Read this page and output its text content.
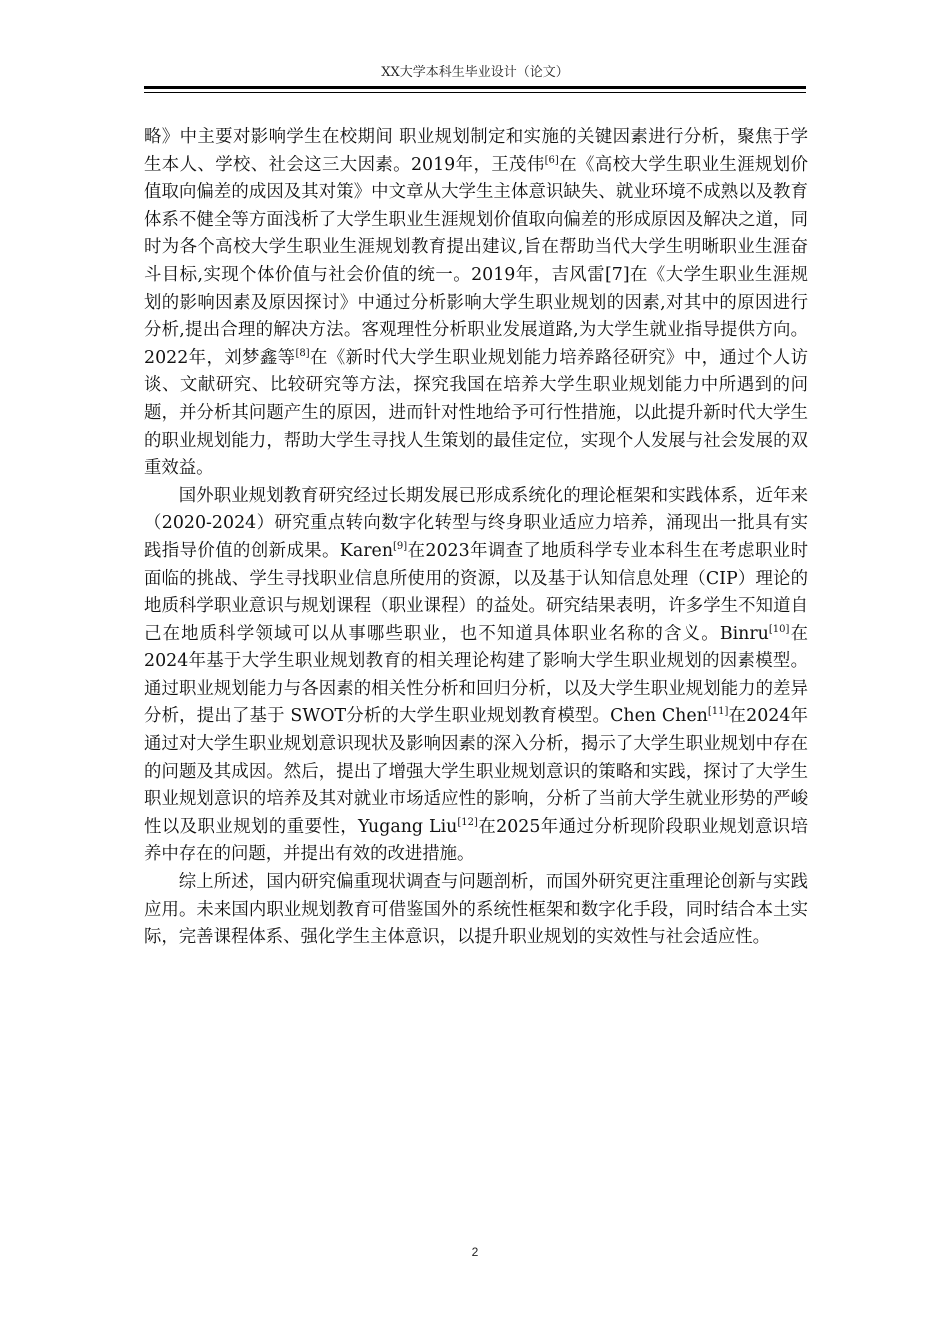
XX大学本科生毕业设计（论文）

略》中主要对影响学生在校期间 职业规划制定和实施的关键因素进行分析，聚焦于学生本人、学校、社会这三大因素。2019年，王茂伟[6]在《高校大学生职业生涯规划价值取向偏差的成因及其对策》中文章从大学生主体意识缺失、就业环境不成熟以及教育体系不健全等方面浅析了大学生职业生涯规划价值取向偏差的形成原因及解决之道，同时为各个高校大学生职业生涯规划教育提出建议,旨在帮助当代大学生明晰职业生涯奋斗目标,实现个体价值与社会价值的统一。2019年，吉风雷[7]在《大学生职业生涯规划的影响因素及原因探讨》中通过分析影响大学生职业规划的因素,对其中的原因进行分析,提出合理的解决方法。客观理性分析职业发展道路,为大学生就业指导提供方向。2022年，刘梦鑫等[8]在《新时代大学生职业规划能力培养路径研究》中，通过个人访谈、文献研究、比较研究等方法，探究我国在培养大学生职业规划能力中所遇到的问题，并分析其问题产生的原因，进而针对性地给予可行性措施，以此提升新时代大学生的职业规划能力，帮助大学生寻找人生策划的最佳定位，实现个人发展与社会发展的双重效益。

国外职业规划教育研究经过长期发展已形成系统化的理论框架和实践体系，近年来（2020-2024）研究重点转向数字化转型与终身职业适应力培养，涌现出一批具有实践指导价值的创新成果。Karen[9]在2023年调查了地质科学专业本科生在考虑职业时面临的挑战、学生寻找职业信息所使用的资源，以及基于认知信息处理（CIP）理论的地质科学职业意识与规划课程（职业课程）的益处。研究结果表明，许多学生不知道自己在地质科学领域可以从事哪些职业，也不知道具体职业名称的含义。Binru[10]在2024年基于大学生职业规划教育的相关理论构建了影响大学生职业规划的因素模型。通过职业规划能力与各因素的相关性分析和回归分析，以及大学生职业规划能力的差异分析，提出了基于 SWOT分析的大学生职业规划教育模型。Chen Chen[11]在2024年通过对大学生职业规划意识现状及影响因素的深入分析，揭示了大学生职业规划中存在的问题及其成因。然后，提出了增强大学生职业规划意识的策略和实践，探讨了大学生职业规划意识的培养及其对就业市场适应性的影响，分析了当前大学生就业形势的严峻性以及职业规划的重要性，Yugang Liu[12]在2025年通过分析现阶段职业规划意识培养中存在的问题，并提出有效的改进措施。

综上所述，国内研究偏重现状调查与问题剖析，而国外研究更注重理论创新与实践应用。未来国内职业规划教育可借鉴国外的系统性框架和数字化手段，同时结合本土实际，完善课程体系、强化学生主体意识，以提升职业规划的实效性与社会适应性。

2
